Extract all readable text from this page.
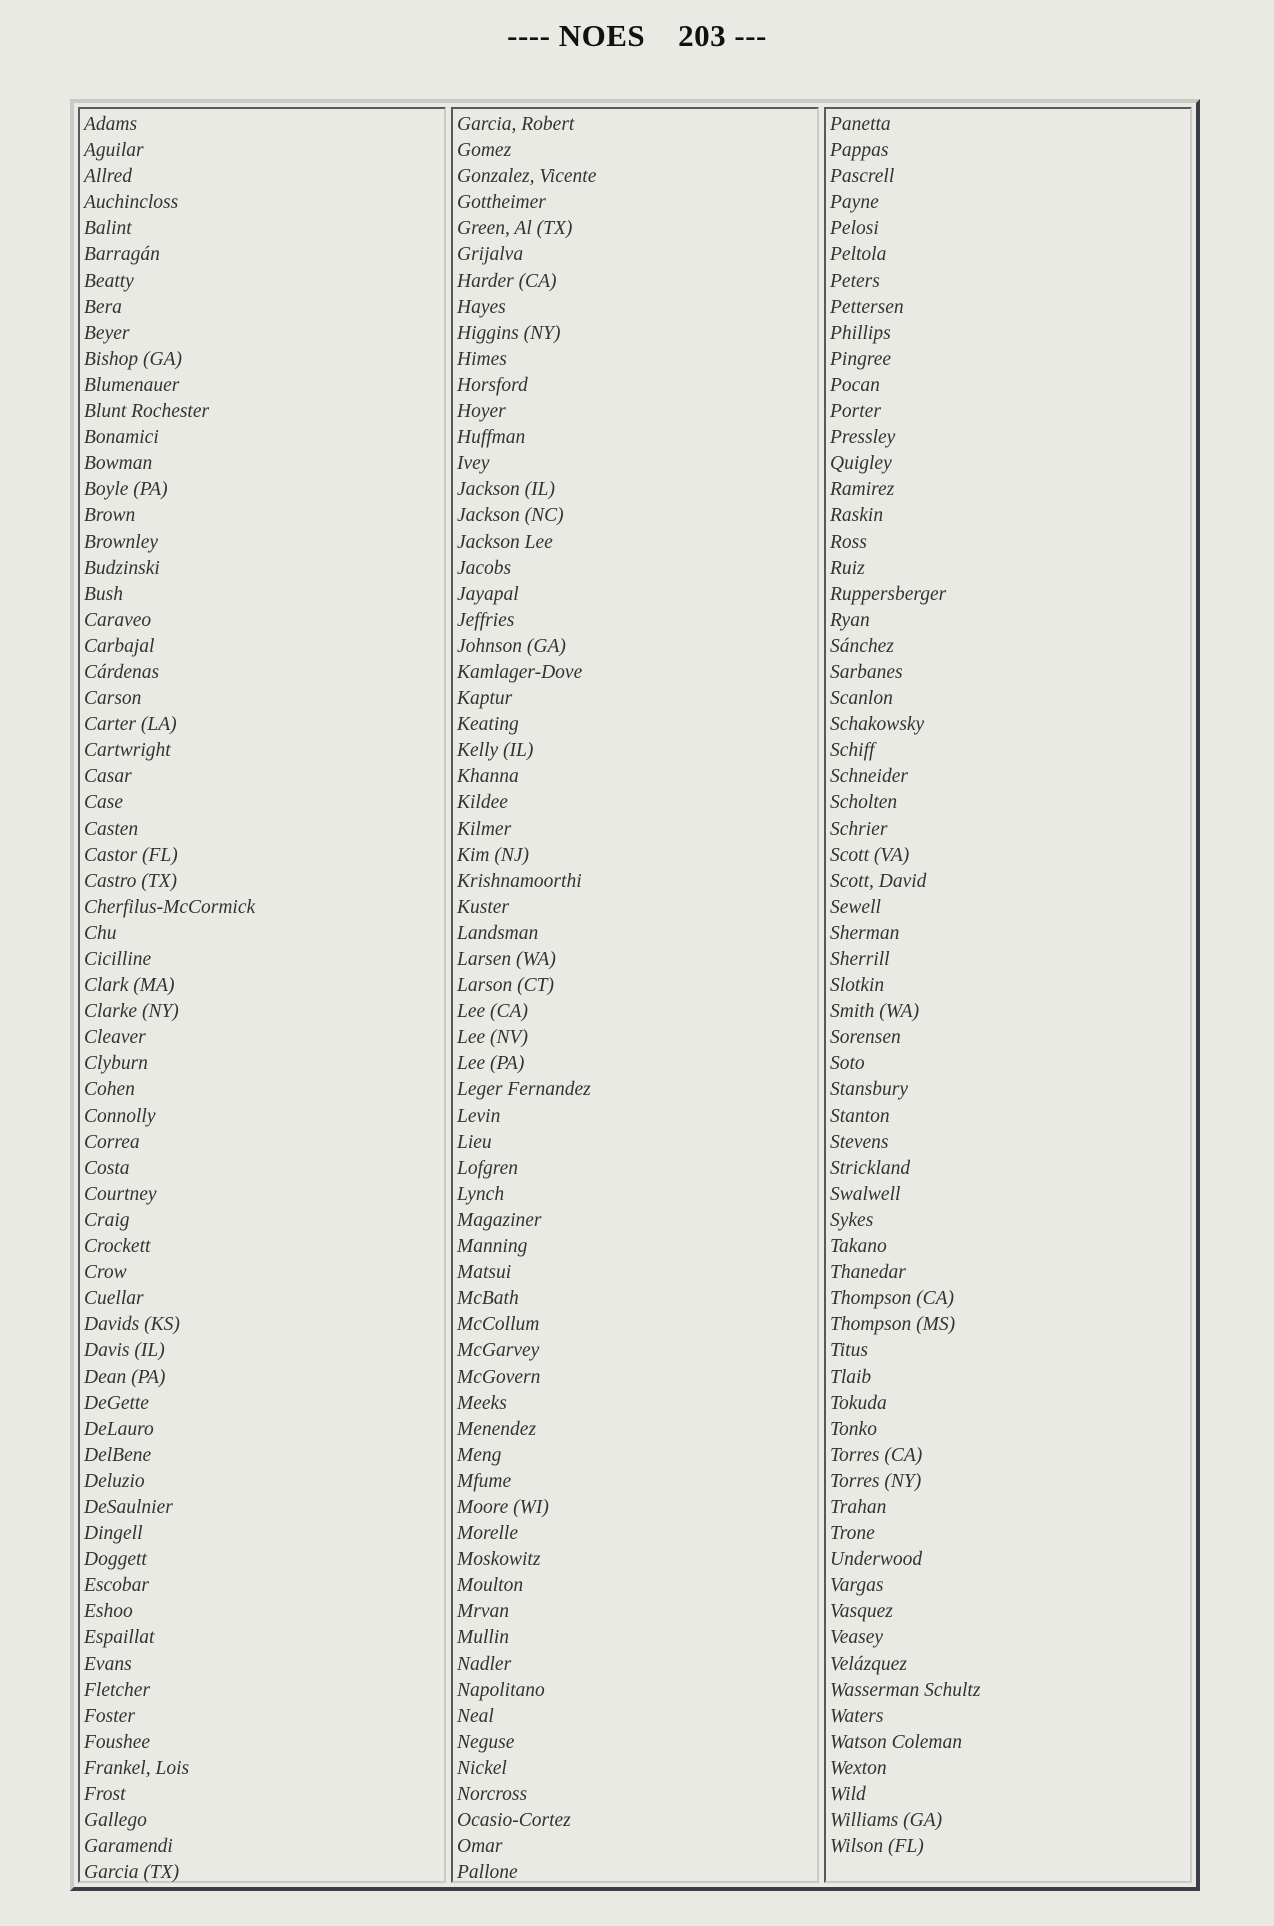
---- NOES    203 ---
Adams
Aguilar
Allred
Auchincloss
Balint
Barragán
Beatty
Bera
Beyer
Bishop (GA)
Blumenauer
Blunt Rochester
Bonamici
Bowman
Boyle (PA)
Brown
Brownley
Budzinski
Bush
Caraveo
Carbajal
Cárdenas
Carson
Carter (LA)
Cartwright
Casar
Case
Casten
Castor (FL)
Castro (TX)
Cherfilus-McCormick
Chu
Cicilline
Clark (MA)
Clarke (NY)
Cleaver
Clyburn
Cohen
Connolly
Correa
Costa
Courtney
Craig
Crockett
Crow
Cuellar
Davids (KS)
Davis (IL)
Dean (PA)
DeGette
DeLauro
DelBene
Deluzio
DeSaulnier
Dingell
Doggett
Escobar
Eshoo
Espaillat
Evans
Fletcher
Foster
Foushee
Frankel, Lois
Frost
Gallego
Garamendi
Garcia (TX)
Garcia, Robert
Gomez
Gonzalez, Vicente
Gottheimer
Green, Al (TX)
Grijalva
Harder (CA)
Hayes
Higgins (NY)
Himes
Horsford
Hoyer
Huffman
Ivey
Jackson (IL)
Jackson (NC)
Jackson Lee
Jacobs
Jayapal
Jeffries
Johnson (GA)
Kamlager-Dove
Kaptur
Keating
Kelly (IL)
Khanna
Kildee
Kilmer
Kim (NJ)
Krishnamoorthi
Kuster
Landsman
Larsen (WA)
Larson (CT)
Lee (CA)
Lee (NV)
Lee (PA)
Leger Fernandez
Levin
Lieu
Lofgren
Lynch
Magaziner
Manning
Matsui
McBath
McCollum
McGarvey
McGovern
Meeks
Menendez
Meng
Mfume
Moore (WI)
Morelle
Moskowitz
Moulton
Mrvan
Mullin
Nadler
Napolitano
Neal
Neguse
Nickel
Norcross
Ocasio-Cortez
Omar
Pallone
Panetta
Pappas
Pascrell
Payne
Pelosi
Peltola
Peters
Pettersen
Phillips
Pingree
Pocan
Porter
Pressley
Quigley
Ramirez
Raskin
Ross
Ruiz
Ruppersberger
Ryan
Sánchez
Sarbanes
Scanlon
Schakowsky
Schiff
Schneider
Scholten
Schrier
Scott (VA)
Scott, David
Sewell
Sherman
Sherrill
Slotkin
Smith (WA)
Sorensen
Soto
Stansbury
Stanton
Stevens
Strickland
Swalwell
Sykes
Takano
Thanedar
Thompson (CA)
Thompson (MS)
Titus
Tlaib
Tokuda
Tonko
Torres (CA)
Torres (NY)
Trahan
Trone
Underwood
Vargas
Vasquez
Veasey
Velázquez
Wasserman Schultz
Waters
Watson Coleman
Wexton
Wild
Williams (GA)
Wilson (FL)
